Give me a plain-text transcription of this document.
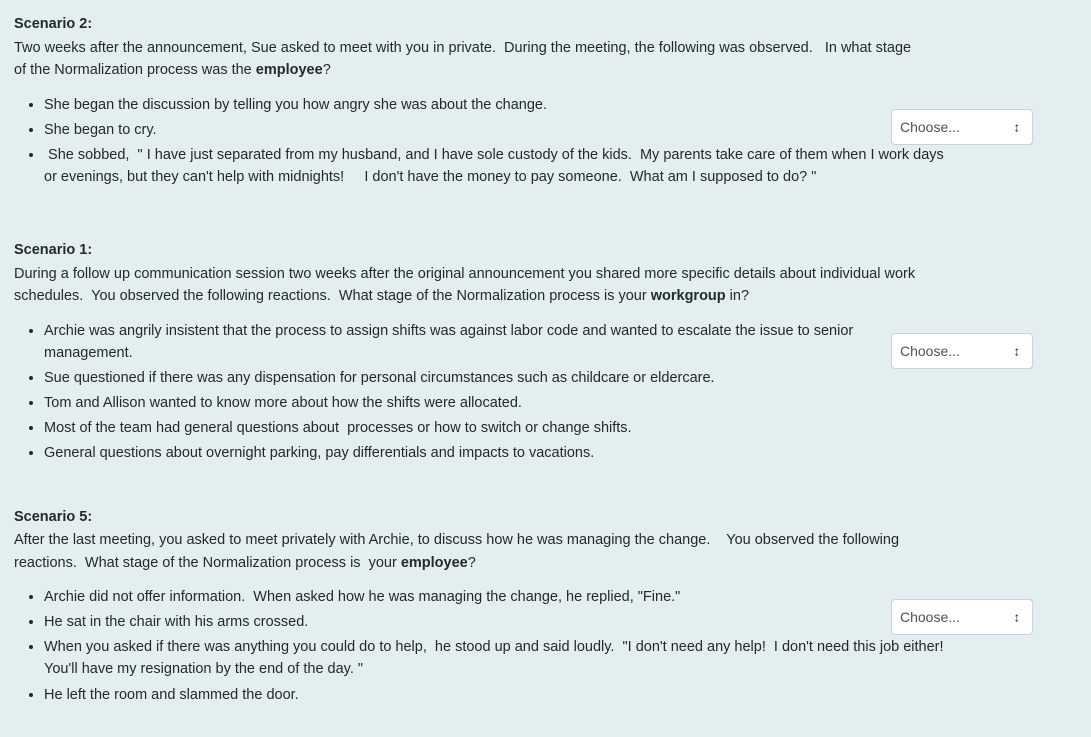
Scenario 2:

Two weeks after the announcement, Sue asked to meet with you in private.  During the meeting, the following was observed.   In what stage of the Normalization process was the employee?

• She began the discussion by telling you how angry she was about the change.
• She began to cry.
•  She sobbed,  " I have just separated from my husband, and I have sole custody of the kids.  My parents take care of them when I work days or evenings, but they can't help with midnights!     I don't have the money to pay someone.  What am I supposed to do? "
Choose... ↕
Scenario 1:

During a follow up communication session two weeks after the original announcement you shared more specific details about individual work schedules.  You observed the following reactions.  What stage of the Normalization process is your workgroup in?

• Archie was angrily insistent that the process to assign shifts was against labor code and wanted to escalate the issue to senior management.
• Sue questioned if there was any dispensation for personal circumstances such as childcare or eldercare.
• Tom and Allison wanted to know more about how the shifts were allocated.
• Most of the team had general questions about  processes or how to switch or change shifts.
• General questions about overnight parking, pay differentials and impacts to vacations.
Choose... ↕
Scenario 5:

After the last meeting, you asked to meet privately with Archie, to discuss how he was managing the change.    You observed the following reactions.  What stage of the Normalization process is  your employee?

• Archie did not offer information.  When asked how he was managing the change, he replied, "Fine."
• He sat in the chair with his arms crossed.
• When you asked if there was anything you could do to help,  he stood up and said loudly.  "I don't need any help!  I don't need this job either!  You'll have my resignation by the end of the day. "
• He left the room and slammed the door.
Choose... ↕
